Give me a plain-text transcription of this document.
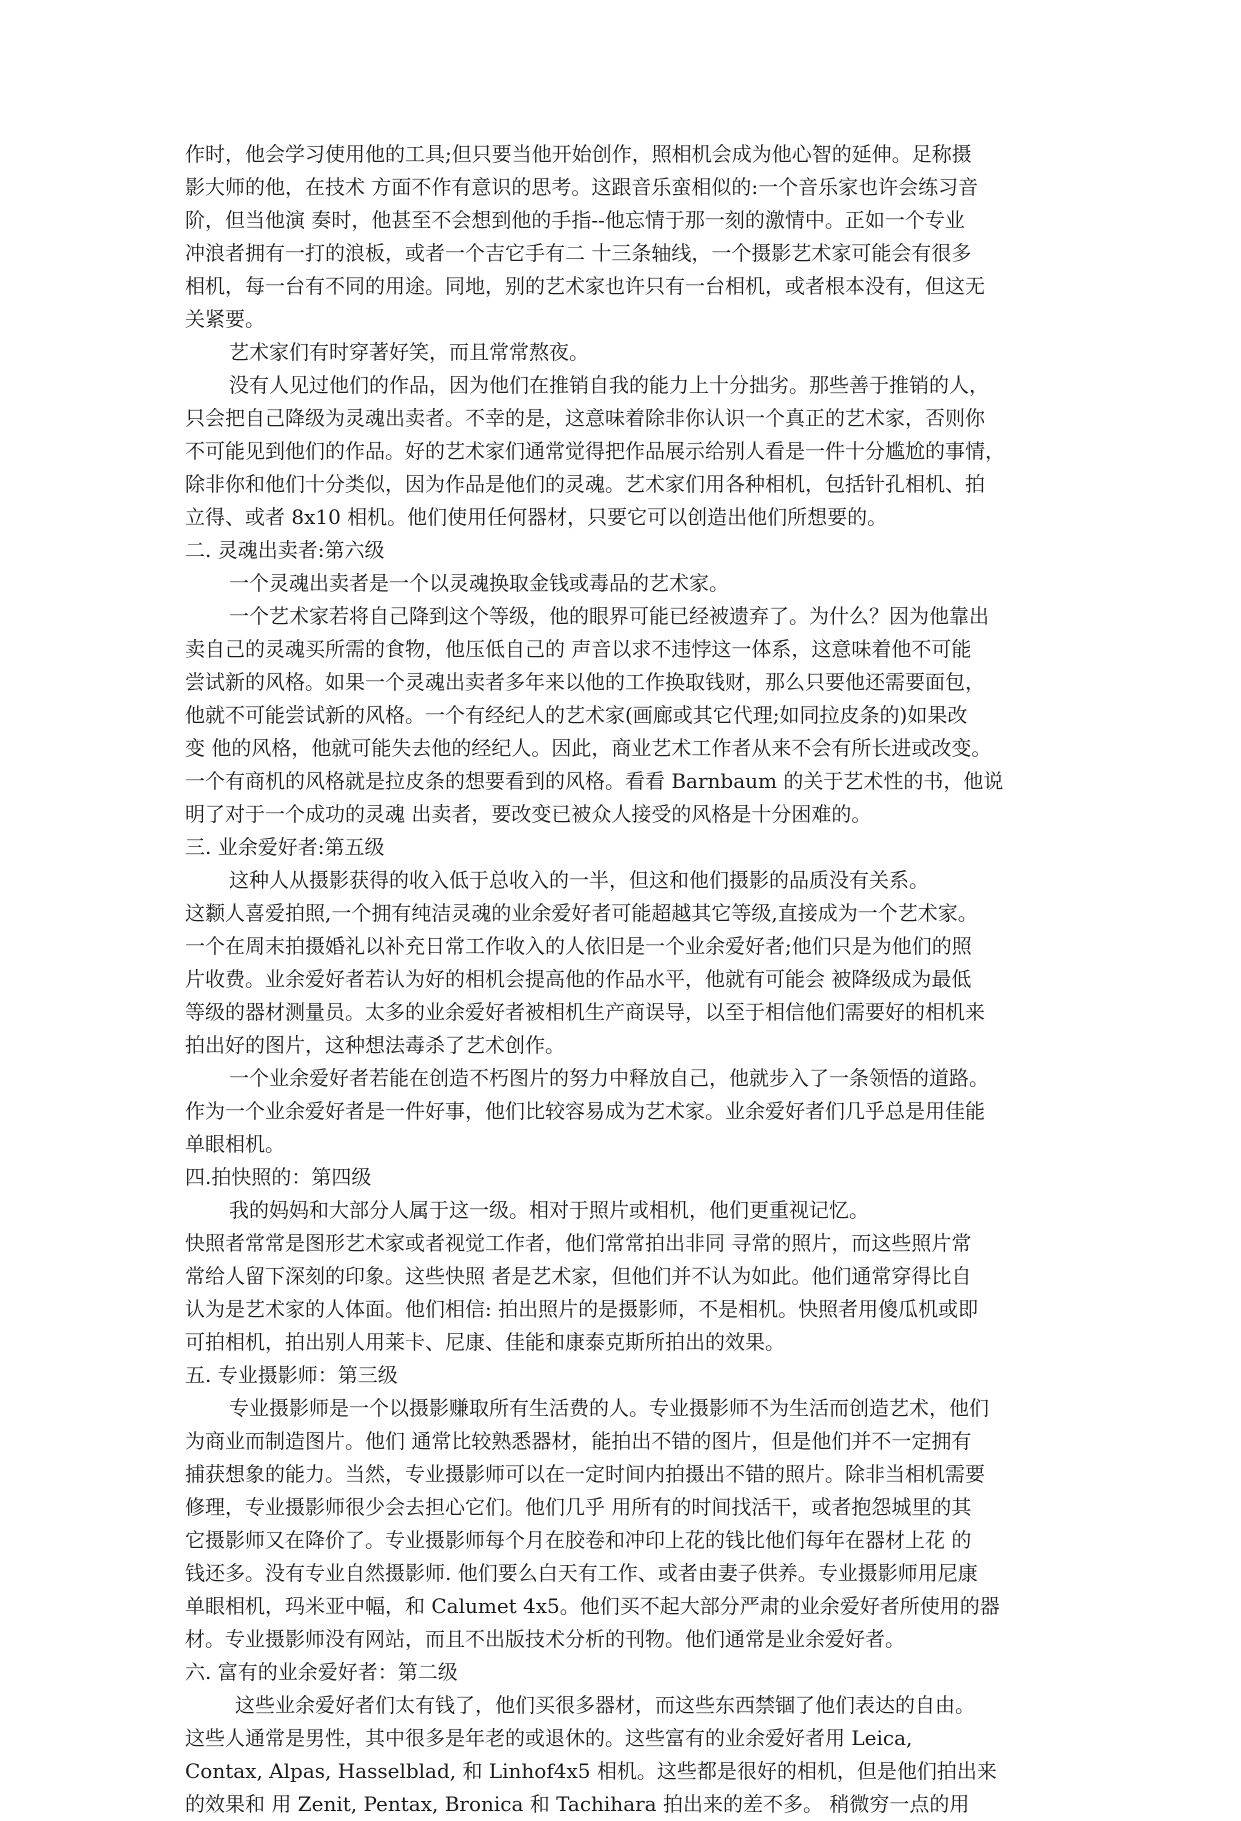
作时，他会学习使用他的工具;但只要当他开始创作，照相机会成为他心智的延伸。足称摄
影大师的他，在技术 方面不作有意识的思考。这跟音乐蛮相似的:一个音乐家也许会练习音
阶，但当他演 奏时，他甚至不会想到他的手指--他忘情于那一刻的激情中。正如一个专业
冲浪者拥有一打的浪板，或者一个吉它手有二 十三条轴线，一个摄影艺术家可能会有很多
相机，每一台有不同的用途。同地，别的艺术家也许只有一台相机，或者根本没有，但这无
关紧要。
艺术家们有时穿著好笑，而且常常熬夜。
没有人见过他们的作品，因为他们在推销自我的能力上十分拙劣。那些善于推销的人，
只会把自己降级为灵魂出卖者。不幸的是，这意味着除非你认识一个真正的艺术家，否则你
不可能见到他们的作品。好的艺术家们通常觉得把作品展示给别人看是一件十分尴尬的事情，
除非你和他们十分类似，因为作品是他们的灵魂。艺术家们用各种相机，包括针孔相机、拍
立得、或者 8x10 相机。他们使用任何器材，只要它可以创造出他们所想要的。
二. 灵魂出卖者:第六级
一个灵魂出卖者是一个以灵魂换取金钱或毒品的艺术家。
一个艺术家若将自己降到这个等级，他的眼界可能已经被遗弃了。为什么？因为他靠出
卖自己的灵魂买所需的食物，他压低自己的 声音以求不违悖这一体系，这意味着他不可能
尝试新的风格。如果一个灵魂出卖者多年来以他的工作换取钱财，那么只要他还需要面包，
他就不可能尝试新的风格。一个有经纪人的艺术家(画廊或其它代理;如同拉皮条的)如果改
变 他的风格，他就可能失去他的经纪人。因此，商业艺术工作者从来不会有所长进或改变。
一个有商机的风格就是拉皮条的想要看到的风格。看看 Barnbaum 的关于艺术性的书，他说
明了对于一个成功的灵魂 出卖者，要改变已被众人接受的风格是十分困难的。
三. 业余爱好者:第五级
这种人从摄影获得的收入低于总收入的一半，但这和他们摄影的品质没有关系。
这颣人喜爱拍照,一个拥有纯洁灵魂的业余爱好者可能超越其它等级,直接成为一个艺术家。
一个在周末拍摄婚礼以补充日常工作收入的人依旧是一个业余爱好者;他们只是为他们的照
片收费。业余爱好者若认为好的相机会提高他的作品水平，他就有可能会 被降级成为最低
等级的器材测量员。太多的业余爱好者被相机生产商误导，以至于相信他们需要好的相机来
拍出好的图片，这种想法毒杀了艺术创作。
一个业余爱好者若能在创造不朽图片的努力中释放自己，他就步入了一条领悟的道路。
作为一个业余爱好者是一件好事，他们比较容易成为艺术家。业余爱好者们几乎总是用佳能
单眼相机。
四.拍快照的：第四级
我的妈妈和大部分人属于这一级。相对于照片或相机，他们更重视记忆。
快照者常常是图形艺术家或者视觉工作者，他们常常拍出非同 寻常的照片，而这些照片常
常给人留下深刻的印象。这些快照 者是艺术家，但他们并不认为如此。他们通常穿得比自
认为是艺术家的人体面。他们相信: 拍出照片的是摄影师，不是相机。快照者用傻瓜机或即
可拍相机，拍出别人用莱卡、尼康、佳能和康泰克斯所拍出的效果。
五. 专业摄影师：第三级
专业摄影师是一个以摄影赚取所有生活费的人。专业摄影师不为生活而创造艺术，他们
为商业而制造图片。他们 通常比较熟悉器材，能拍出不错的图片，但是他们并不一定拥有
捕获想象的能力。当然，专业摄影师可以在一定时间内拍摄出不错的照片。除非当相机需要
修理，专业摄影师很少会去担心它们。他们几乎 用所有的时间找活干，或者抱怨城里的其
它摄影师又在降价了。专业摄影师每个月在胶卷和冲印上花的钱比他们每年在器材上花 的
钱还多。没有专业自然摄影师. 他们要么白天有工作、或者由妻子供养。专业摄影师用尼康
单眼相机，玛米亚中幅，和 Calumet 4x5。他们买不起大部分严肃的业余爱好者所使用的器
材。专业摄影师没有网站，而且不出版技术分析的刊物。他们通常是业余爱好者。
六. 富有的业余爱好者：第二级
这些业余爱好者们太有钱了，他们买很多器材，而这些东西禁锢了他们表达的自由。
这些人通常是男性，其中很多是年老的或退休的。这些富有的业余爱好者用 Leica,
Contax, Alpas, Hasselblad, 和 Linhof4x5 相机。这些都是很好的相机，但是他们拍出来
的效果和 用 Zenit, Pentax, Bronica 和 Tachihara 拍出来的差不多。 稍微穷一点的用
